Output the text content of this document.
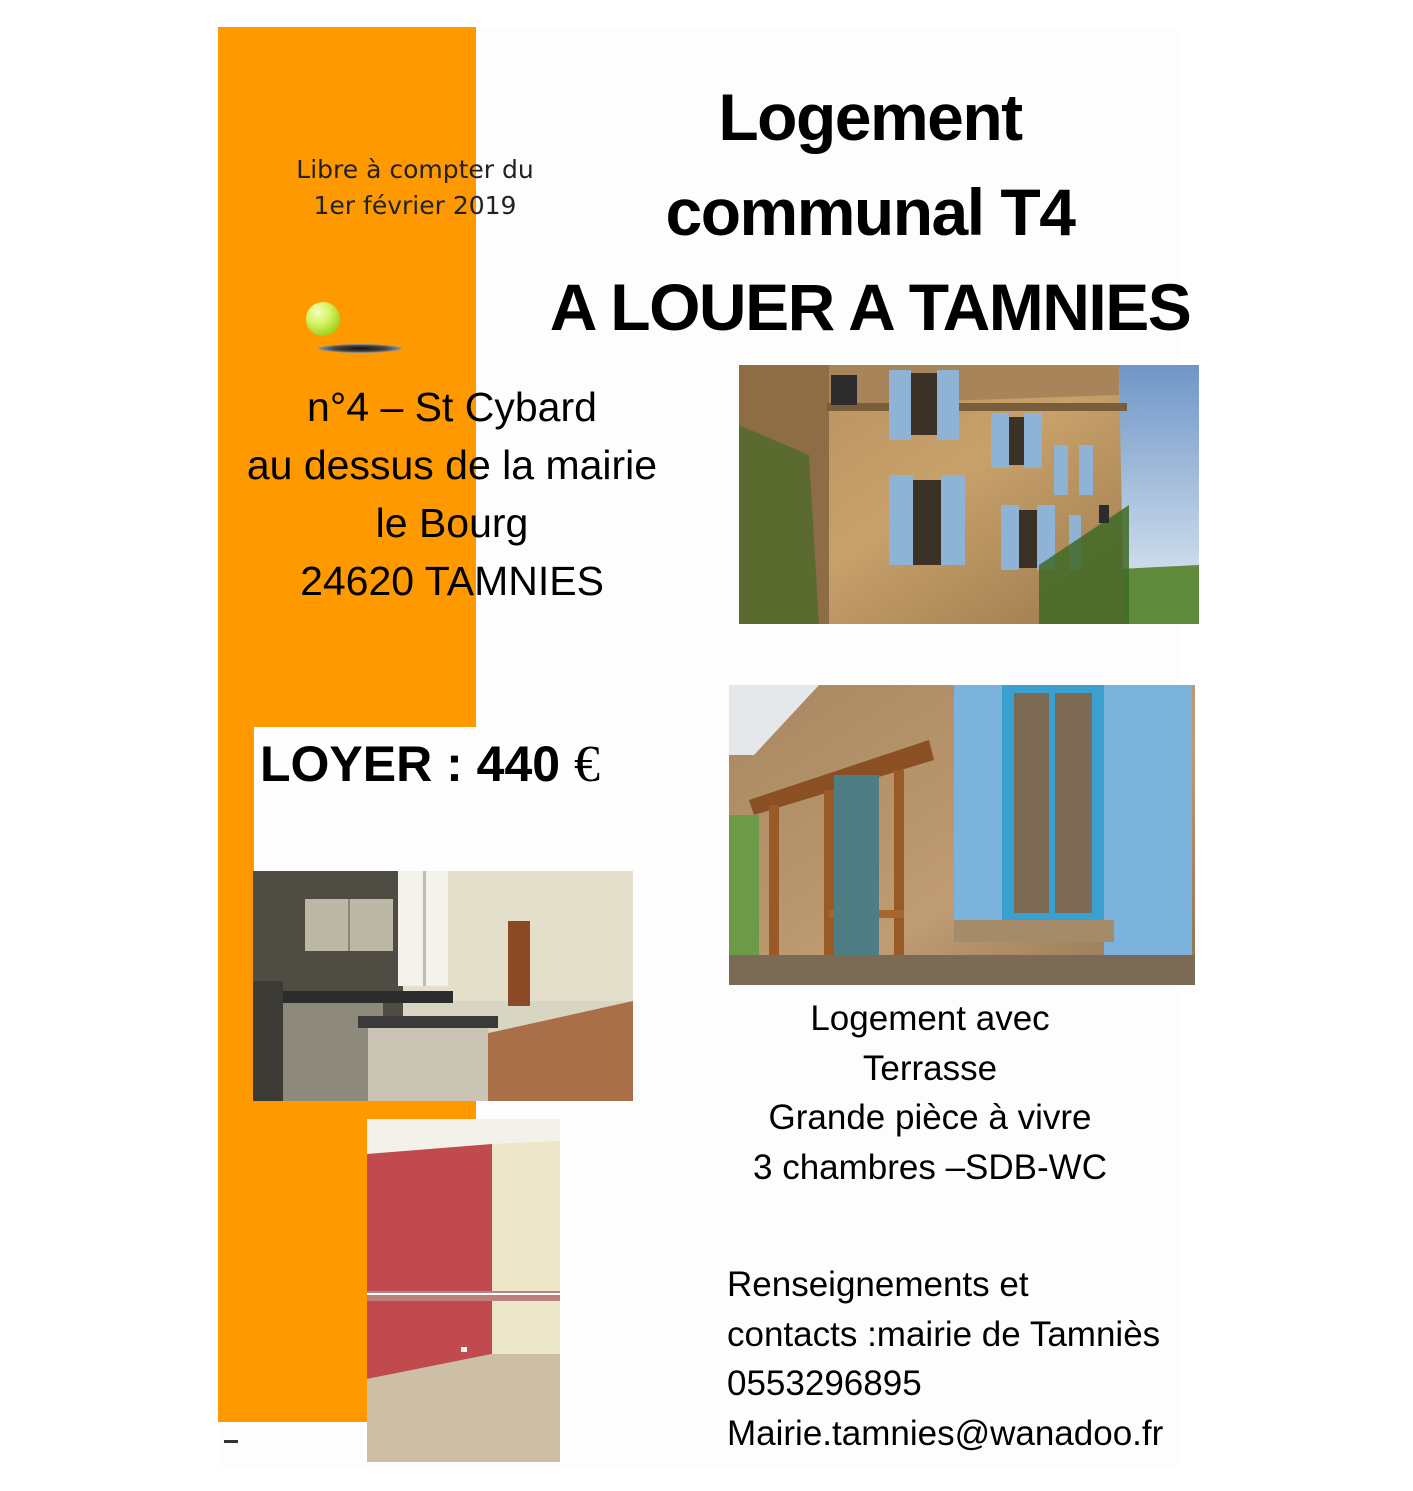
Libre à compter du
1er février 2019
Logement
communal T4
A LOUER A TAMNIES
n°4 – St Cybard
au dessus de la mairie
le Bourg
24620 TAMNIES
LOYER : 440 €
Logement avec
Terrasse
Grande pièce à vivre
3 chambres –SDB-WC
Renseignements et
contacts :mairie de Tamniès
0553296895
Mairie.tamnies@wanadoo.fr
